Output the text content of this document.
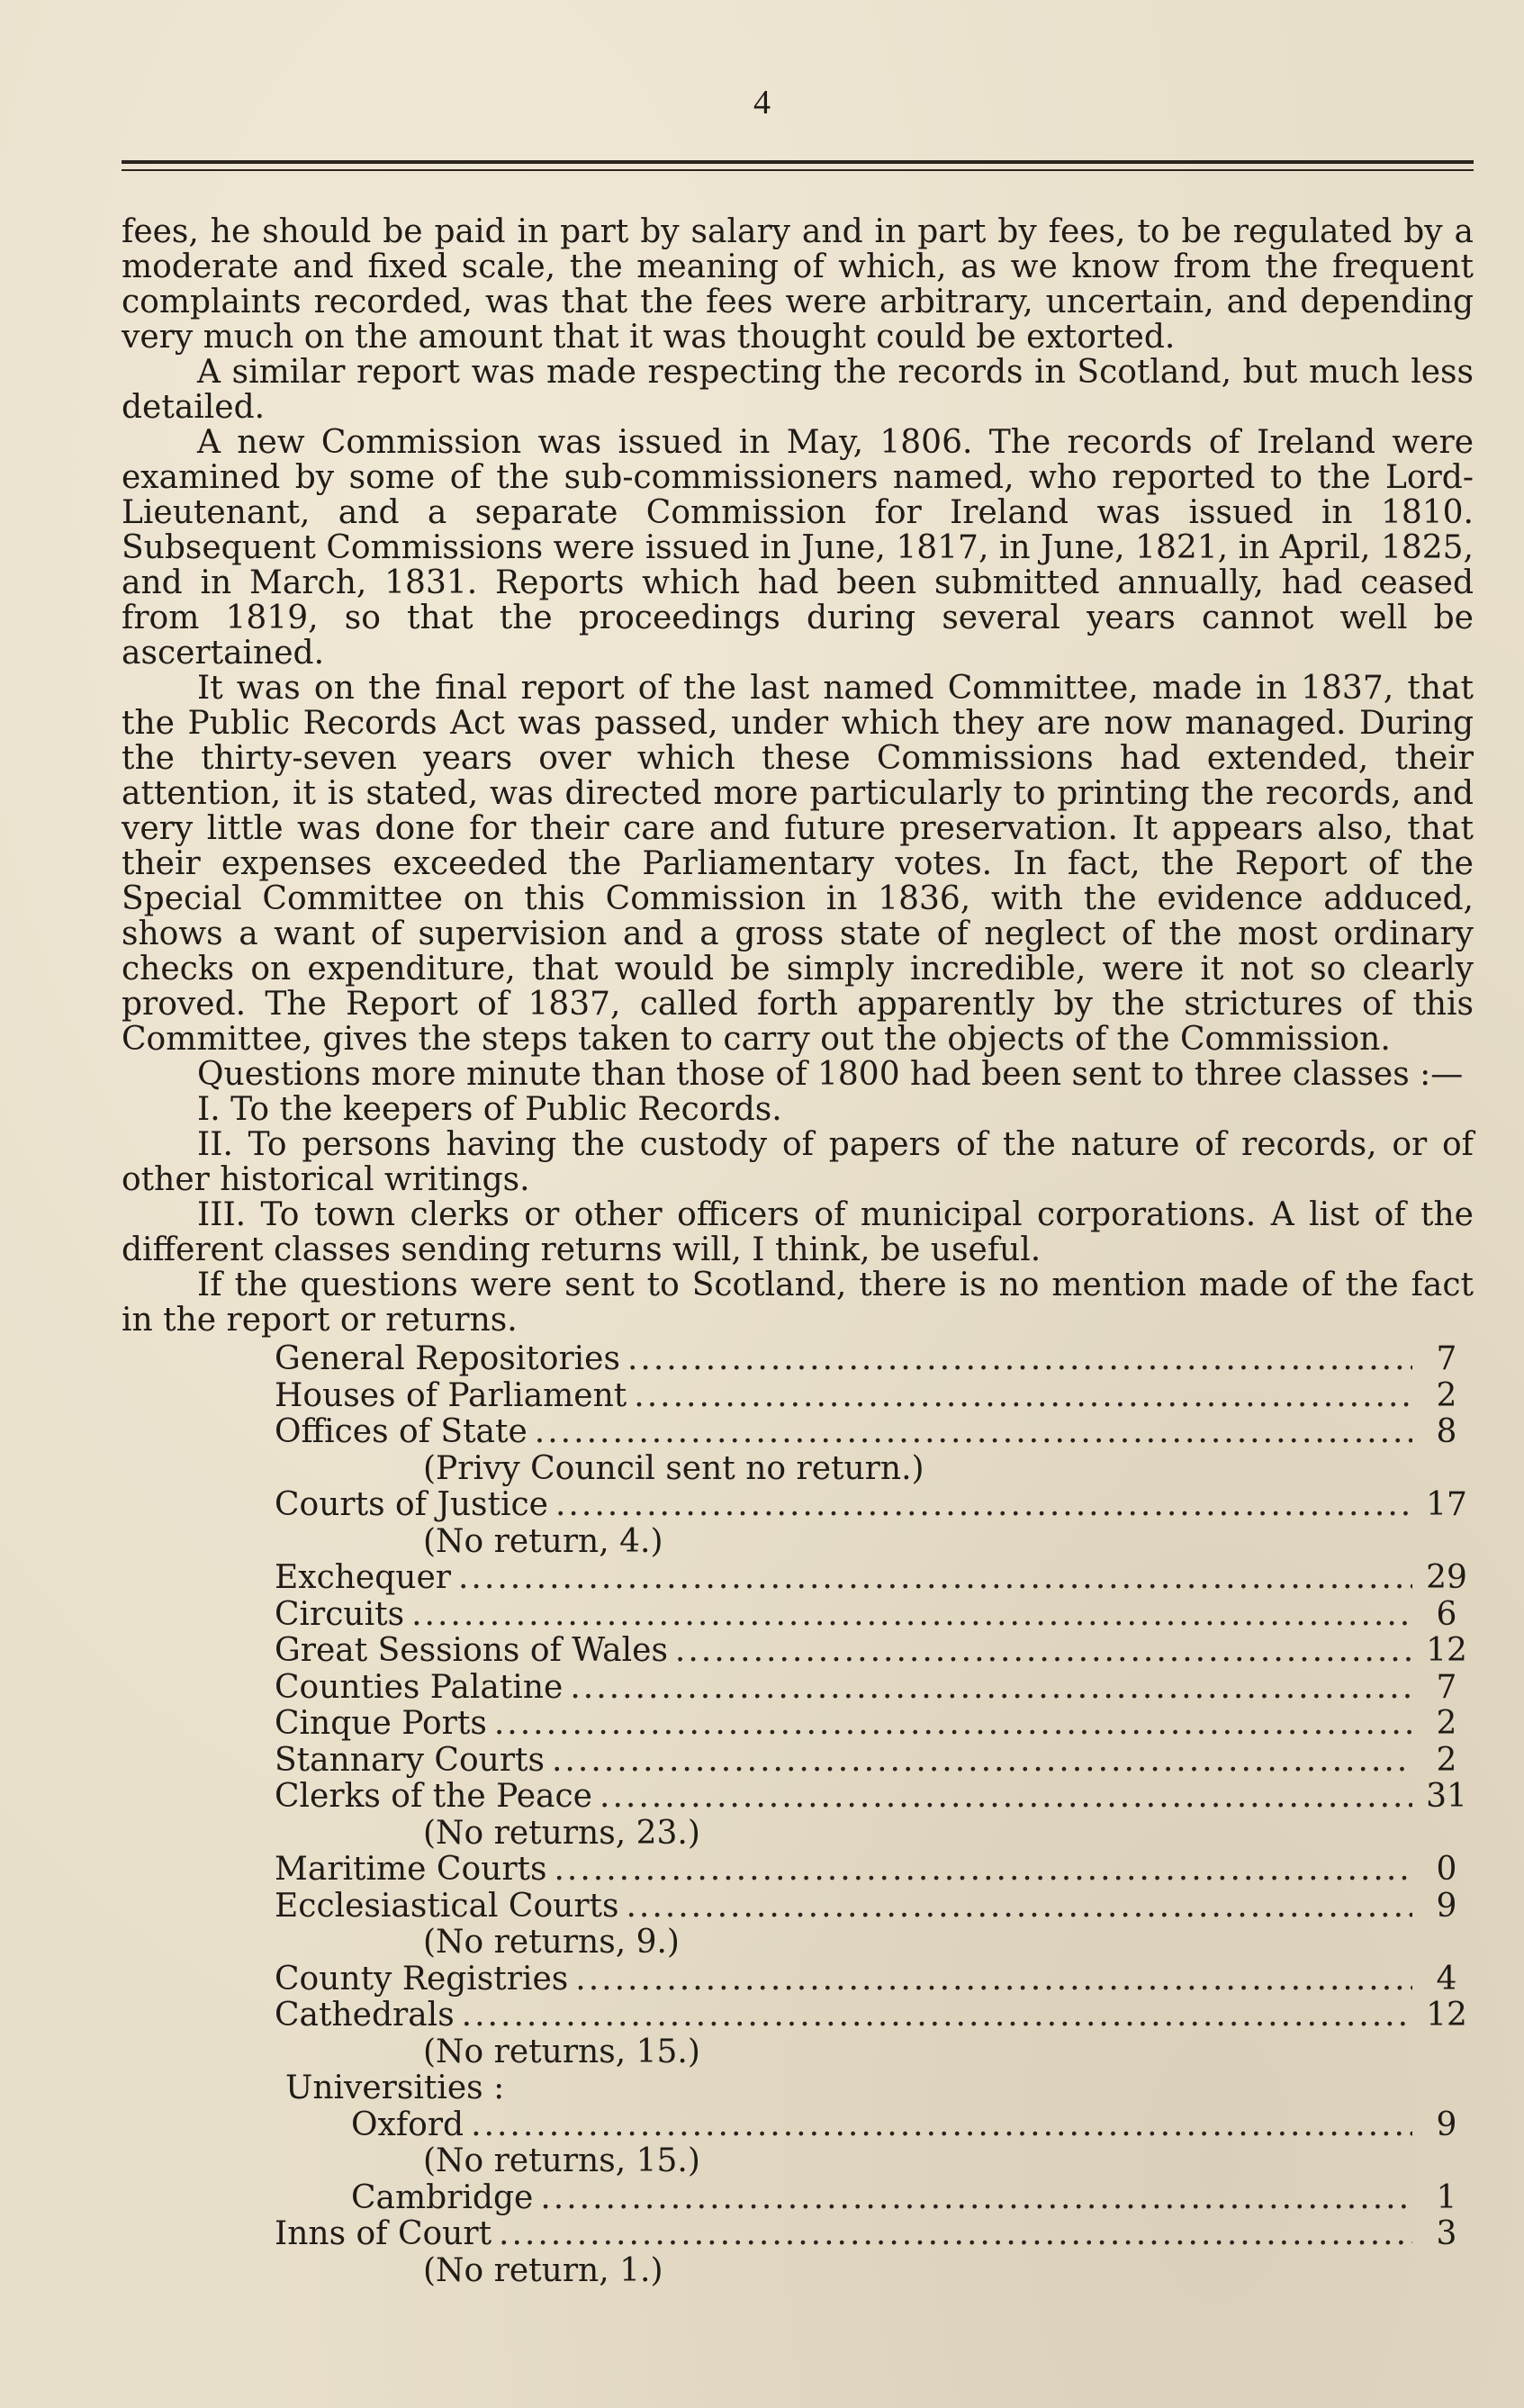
4

fees, he should be paid in part by salary and in part by fees, to be regulated by a moderate and fixed scale, the meaning of which, as we know from the frequent complaints recorded, was that the fees were arbitrary, uncertain, and depending very much on the amount that it was thought could be extorted.

A similar report was made respecting the records in Scotland, but much less detailed.

A new Commission was issued in May, 1806. The records of Ireland were examined by some of the sub-commissioners named, who reported to the Lord-Lieutenant, and a separate Commission for Ireland was issued in 1810. Subsequent Commissions were issued in June, 1817, in June, 1821, in April, 1825, and in March, 1831. Reports which had been submitted annually, had ceased from 1819, so that the proceedings during several years cannot well be ascertained.

It was on the final report of the last named Committee, made in 1837, that the Public Records Act was passed, under which they are now managed. During the thirty-seven years over which these Commissions had extended, their attention, it is stated, was directed more particularly to printing the records, and very little was done for their care and future preservation. It appears also, that their expenses exceeded the Parliamentary votes. In fact, the Report of the Special Committee on this Commission in 1836, with the evidence adduced, shows a want of supervision and a gross state of neglect of the most ordinary checks on expenditure, that would be simply incredible, were it not so clearly proved. The Report of 1837, called forth apparently by the strictures of this Committee, gives the steps taken to carry out the objects of the Commission.

Questions more minute than those of 1800 had been sent to three classes :—

I. To the keepers of Public Records.

II. To persons having the custody of papers of the nature of records, or of other historical writings.

III. To town clerks or other officers of municipal corporations. A list of the different classes sending returns will, I think, be useful.

If the questions were sent to Scotland, there is no mention made of the fact in the report or returns.

General Repositories .....	7
Houses of Parliament .....	2
Offices of State .....	8
(Privy Council sent no return.)
Courts of Justice .....	17
(No return, 4.)
Exchequer .....	29
Circuits .....	6
Great Sessions of Wales .....	12
Counties Palatine .....	7
Cinque Ports .....	2
Stannary Courts .....	2
Clerks of the Peace .....	31
(No returns, 23.)
Maritime Courts .....	0
Ecclesiastical Courts .....	9
(No returns, 9.)
County Registries .....	4
Cathedrals .....	12
(No returns, 15.)
Universities :
Oxford .....	9
(No returns, 15.)
Cambridge .....	1
Inns of Court .....	3
(No return, 1.)
